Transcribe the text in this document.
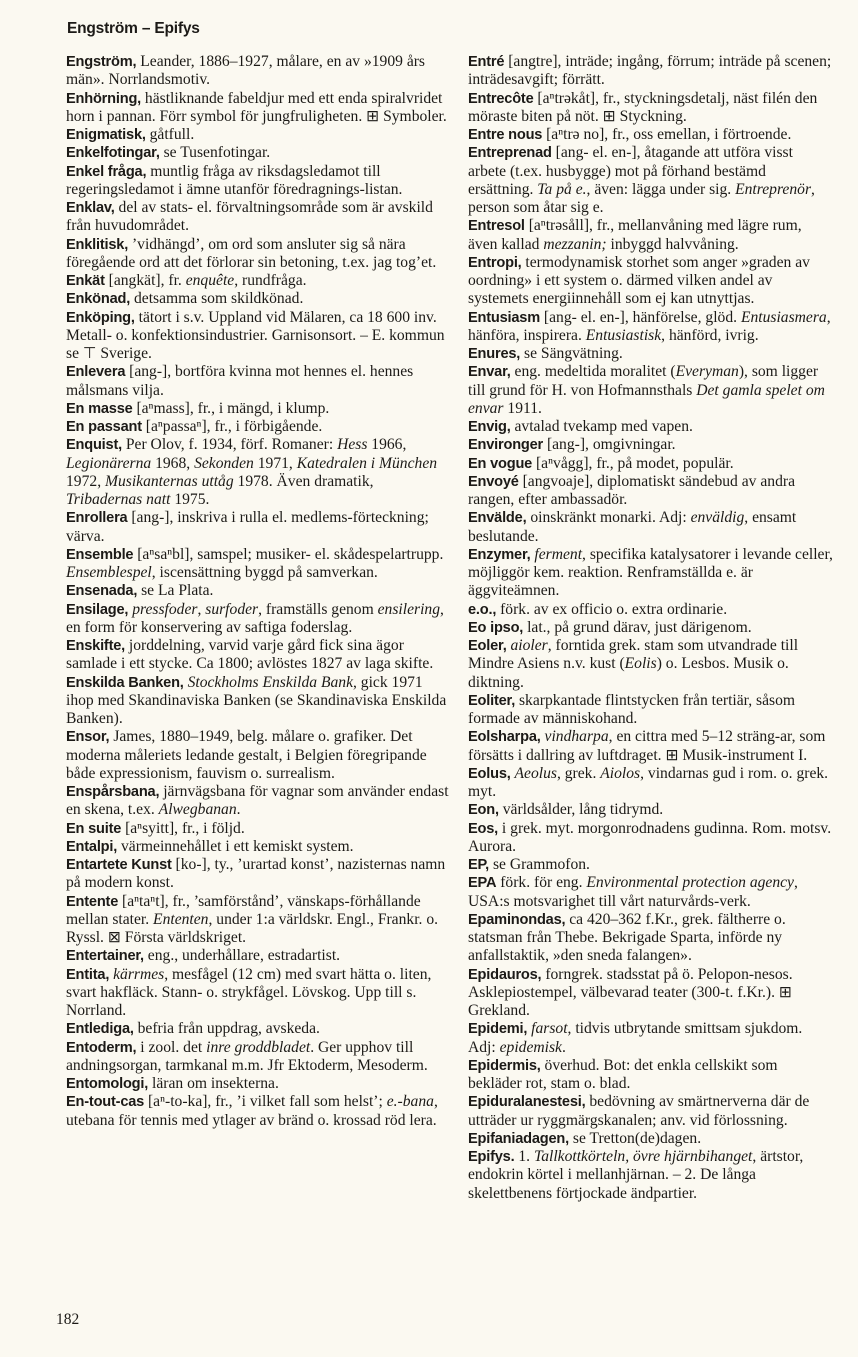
Engström – Epifys

Engström, Leander, 1886–1927, målare, en av »1909 års män». Norrlandsmotiv.

Enhörning, hästliknande fabeldjur med ett enda spiralvridet horn i pannan. Förr symbol för jungfruligheten. ⊞ Symboler.

Enigmatisk, gåtfull.

Enkelfotingar, se Tusenfotingar.

Enkel fråga, muntlig fråga av riksdagsledamot till regeringsledamot i ämne utanför föredragnings-listan.

Enklav, del av stats- el. förvaltningsområde som är avskild från huvudområdet.

Enklitisk, ’vidhängd’, om ord som ansluter sig så nära föregående ord att det förlorar sin betoning, t.ex. jag tog’et.

Enkät [angkät], fr. enquête, rundfråga.

Enkönad, detsamma som skildkönad.

Enköping, tätort i s.v. Uppland vid Mälaren, ca 18 600 inv. Metall- o. konfektionsindustrier. Garnisonsort. – E. kommun se ⊤ Sverige.

Enlevera [ang-], bortföra kvinna mot hennes el. hennes målsmans vilja.

En masse [aⁿmass], fr., i mängd, i klump.

En passant [aⁿpassaⁿ], fr., i förbigående.

Enquist, Per Olov, f. 1934, förf. Romaner: Hess 1966, Legionärerna 1968, Sekonden 1971, Katedralen i München 1972, Musikanternas uttåg 1978. Även dramatik, Tribadernas natt 1975.

Enrollera [ang-], inskriva i rulla el. medlems-förteckning; värva.

Ensemble [aⁿsaⁿbl], samspel; musiker- el. skådespelartrupp. Ensemblespel, iscensättning byggd på samverkan.

Ensenada, se La Plata.

Ensilage, pressfoder, surfoder, framställs genom ensilering, en form för konservering av saftiga foderslag.

Enskifte, jorddelning, varvid varje gård fick sina ägor samlade i ett stycke. Ca 1800; avlöstes 1827 av laga skifte.

Enskilda Banken, Stockholms Enskilda Bank, gick 1971 ihop med Skandinaviska Banken (se Skandinaviska Enskilda Banken).

Ensor, James, 1880–1949, belg. målare o. grafiker. Det moderna måleriets ledande gestalt, i Belgien föregripande både expressionism, fauvism o. surrealism.

Enspårsbana, järnvägsbana för vagnar som använder endast en skena, t.ex. Alwegbanan.

En suite [aⁿsyitt], fr., i följd.

Entalpi, värmeinnehållet i ett kemiskt system.

Entartete Kunst [ko-], ty., ’urartad konst’, nazisternas namn på modern konst.

Entente [aⁿtaⁿt], fr., ’samförstånd’, vänskaps-förhållande mellan stater. Ententen, under 1:a världskr. Engl., Frankr. o. Ryssl. ⊠ Första världskriget.

Entertainer, eng., underhållare, estradartist.

Entita, kärrmes, mesfågel (12 cm) med svart hätta o. liten, svart hakfläck. Stann- o. strykfågel. Lövskog. Upp till s. Norrland.

Entlediga, befria från uppdrag, avskeda.

Entoderm, i zool. det inre groddbladet. Ger upphov till andningsorgan, tarmkanal m.m. Jfr Ektoderm, Mesoderm.

Entomologi, läran om insekterna.

En-tout-cas [aⁿ-to-ka], fr., ’i vilket fall som helst’; e.-bana, utebana för tennis med ytlager av bränd o. krossad röd lera.

Entré [angtre], inträde; ingång, förrum; inträde på scenen; inträdesavgift; förrätt.

Entrecôte [aⁿtrəkåt], fr., styckningsdetalj, näst filén den möraste biten på nöt. ⊞ Styckning.

Entre nous [aⁿtrə no], fr., oss emellan, i förtroende.

Entreprenad [ang- el. en-], åtagande att utföra visst arbete (t.ex. husbygge) mot på förhand bestämd ersättning. Ta på e., även: lägga under sig. Entreprenör, person som åtar sig e.

Entresol [aⁿtrəsåll], fr., mellanvåning med lägre rum, även kallad mezzanin; inbyggd halvvåning.

Entropi, termodynamisk storhet som anger »graden av oordning» i ett system o. därmed vilken andel av systemets energiinnehåll som ej kan utnyttjas.

Entusiasm [ang- el. en-], hänförelse, glöd. Entusiasmera, hänföra, inspirera. Entusiastisk, hänförd, ivrig.

Enures, se Sängvätning.

Envar, eng. medeltida moralitet (Everyman), som ligger till grund för H. von Hofmannsthals Det gamla spelet om envar 1911.

Envig, avtalad tvekamp med vapen.

Environger [ang-], omgivningar.

En vogue [aⁿvågg], fr., på modet, populär.

Envoyé [angvoaje], diplomatiskt sändebud av andra rangen, efter ambassadör.

Envälde, oinskränkt monarki. Adj: enväldig, ensamt beslutande.

Enzymer, ferment, specifika katalysatorer i levande celler, möjliggör kem. reaktion. Renframställda e. är äggviteämnen.

e.o., förk. av ex officio o. extra ordinarie.

Eo ipso, lat., på grund därav, just därigenom.

Eoler, aioler, forntida grek. stam som utvandrade till Mindre Asiens n.v. kust (Eolis) o. Lesbos. Musik o. diktning.

Eoliter, skarpkantade flintstycken från tertiär, såsom formade av människohand.

Eolsharpa, vindharpa, en cittra med 5–12 sträng-ar, som försätts i dallring av luftdraget. ⊞ Musik-instrument I.

Eolus, Aeolus, grek. Aiolos, vindarnas gud i rom. o. grek. myt.

Eon, världsålder, lång tidrymd.

Eos, i grek. myt. morgonrodnadens gudinna. Rom. motsv. Aurora.

EP, se Grammofon.

EPA förk. för eng. Environmental protection agency, USA:s motsvarighet till vårt naturvårds-verk.

Epaminondas, ca 420–362 f.Kr., grek. fältherre o. statsman från Thebe. Bekrigade Sparta, införde ny anfallstaktik, »den sneda falangen».

Epidauros, forngrek. stadsstat på ö. Pelopon-nesos. Asklepiostempel, välbevarad teater (300-t. f.Kr.). ⊞ Grekland.

Epidemi, farsot, tidvis utbrytande smittsam sjukdom. Adj: epidemisk.

Epidermis, överhud. Bot: det enkla cellskikt som bekläder rot, stam o. blad.

Epiduralanestesi, bedövning av smärtnerverna där de utträder ur ryggmärgskanalen; anv. vid förlossning.

Epifaniadagen, se Tretton(de)dagen.

Epifys. 1. Tallkottkörteln, övre hjärnbihanget, ärtstor, endokrin körtel i mellanhjärnan. – 2. De långa skelettbenens förtjockade ändpartier.

182
